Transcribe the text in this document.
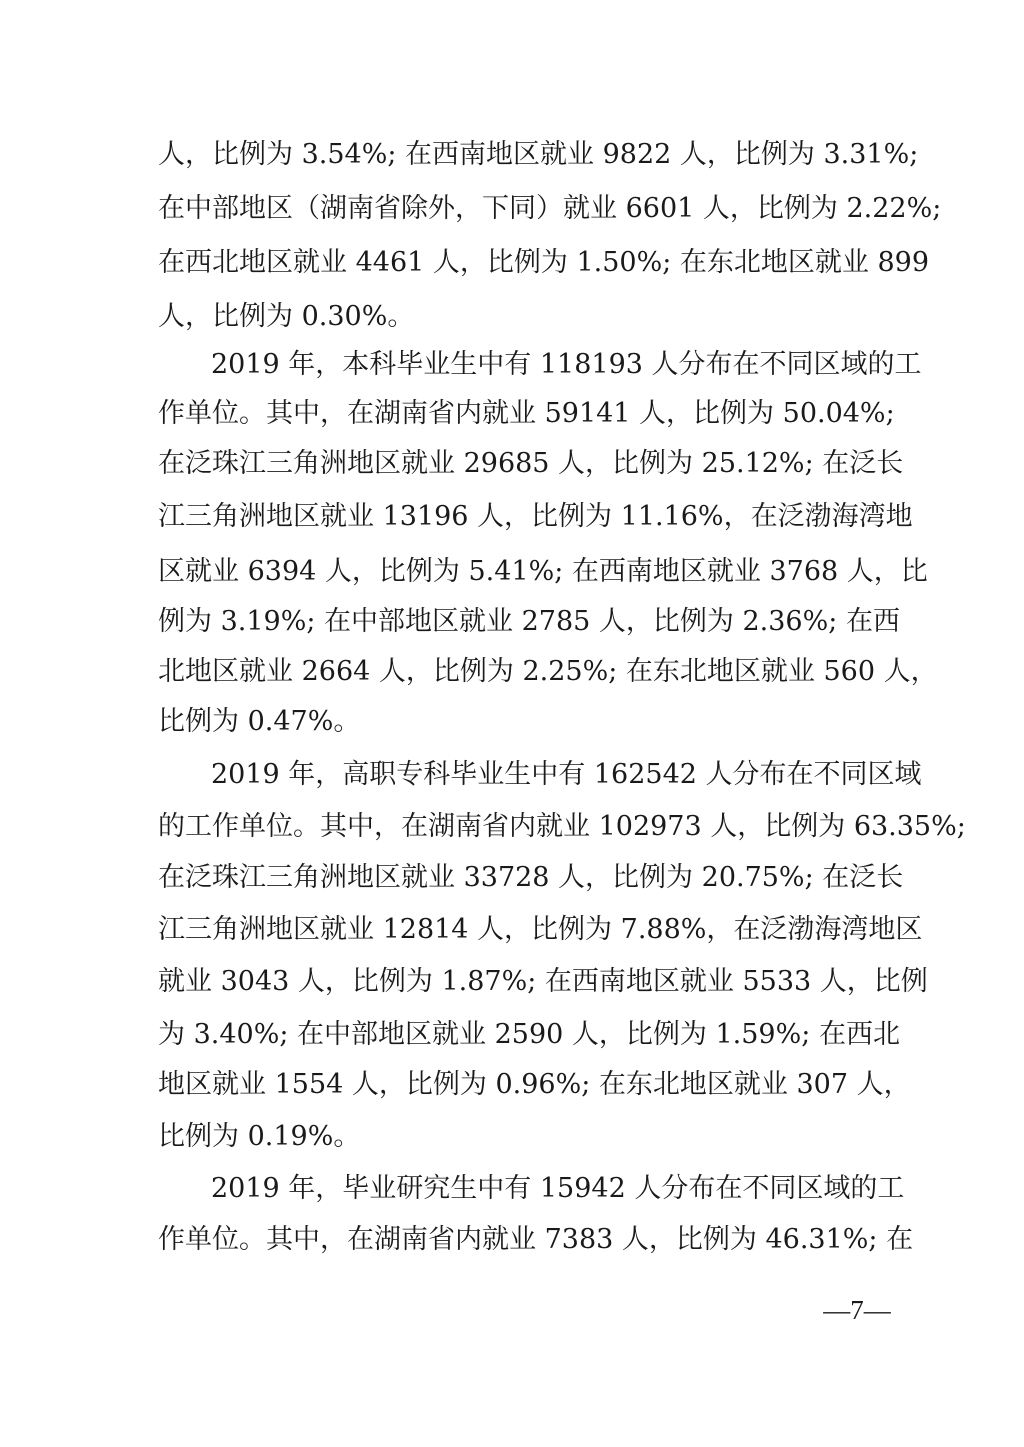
人，比例为 3.54%; 在西南地区就业 9822 人，比例为 3.31%;
在中部地区（湖南省除外，下同）就业 6601 人，比例为 2.22%;
在西北地区就业 4461 人，比例为 1.50%; 在东北地区就业 899
人，比例为 0.30%。
2019 年，本科毕业生中有 118193 人分布在不同区域的工
作单位。其中，在湖南省内就业 59141 人，比例为 50.04%;
在泛珠江三角洲地区就业 29685 人，比例为 25.12%; 在泛长
江三角洲地区就业 13196 人，比例为 11.16%，在泛渤海湾地
区就业 6394 人，比例为 5.41%; 在西南地区就业 3768 人，比
例为 3.19%; 在中部地区就业 2785 人，比例为 2.36%; 在西
北地区就业 2664 人，比例为 2.25%; 在东北地区就业 560 人，
比例为 0.47%。
2019 年，高职专科毕业生中有 162542 人分布在不同区域
的工作单位。其中，在湖南省内就业 102973 人，比例为 63.35%;
在泛珠江三角洲地区就业 33728 人，比例为 20.75%; 在泛长
江三角洲地区就业 12814 人，比例为 7.88%，在泛渤海湾地区
就业 3043 人，比例为 1.87%; 在西南地区就业 5533 人，比例
为 3.40%; 在中部地区就业 2590 人，比例为 1.59%; 在西北
地区就业 1554 人，比例为 0.96%; 在东北地区就业 307 人，
比例为 0.19%。
2019 年，毕业研究生中有 15942 人分布在不同区域的工
作单位。其中，在湖南省内就业 7383 人，比例为 46.31%; 在
—7—
